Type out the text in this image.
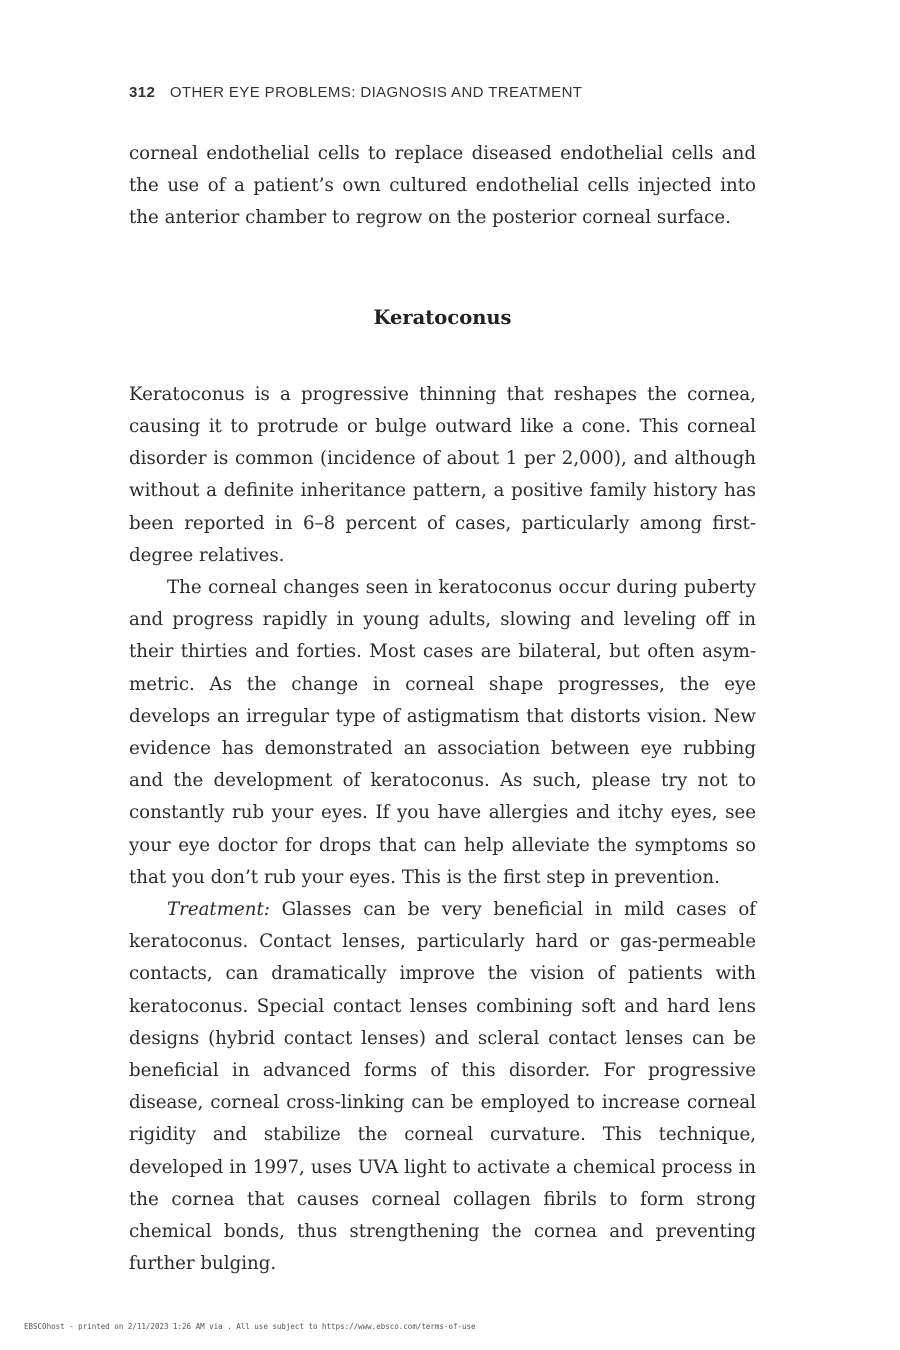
312 OTHER EYE PROBLEMS: DIAGNOSIS AND TREATMENT

corneal endothelial cells to replace diseased endothelial cells and the use of a patient’s own cultured endothelial cells injected into the anterior chamber to regrow on the posterior corneal surface.

Keratoconus

Keratoconus is a progressive thinning that reshapes the cornea, causing it to protrude or bulge outward like a cone. This corneal disorder is common (incidence of about 1 per 2,000), and although without a definite inheritance pattern, a positive family history has been reported in 6–8 percent of cases, particularly among first-degree relatives.

The corneal changes seen in keratoconus occur during puberty and progress rapidly in young adults, slowing and leveling off in their thirties and forties. Most cases are bilateral, but often asymmetric. As the change in corneal shape progresses, the eye develops an irregular type of astigmatism that distorts vision. New evidence has demonstrated an association between eye rubbing and the development of keratoconus. As such, please try not to constantly rub your eyes. If you have allergies and itchy eyes, see your eye doctor for drops that can help alleviate the symptoms so that you don’t rub your eyes. This is the first step in prevention.

Treatment: Glasses can be very beneficial in mild cases of keratoconus. Contact lenses, particularly hard or gas-permeable contacts, can dramatically improve the vision of patients with keratoconus. Special contact lenses combining soft and hard lens designs (hybrid contact lenses) and scleral contact lenses can be beneficial in advanced forms of this disorder. For progressive disease, corneal cross-linking can be employed to increase corneal rigidity and stabilize the corneal curvature. This technique, developed in 1997, uses UVA light to activate a chemical process in the cornea that causes corneal collagen fibrils to form strong chemical bonds, thus strengthening the cornea and preventing further bulging.

EBSCOhost - printed on 2/11/2023 1:26 AM via . All use subject to https://www.ebsco.com/terms-of-use
